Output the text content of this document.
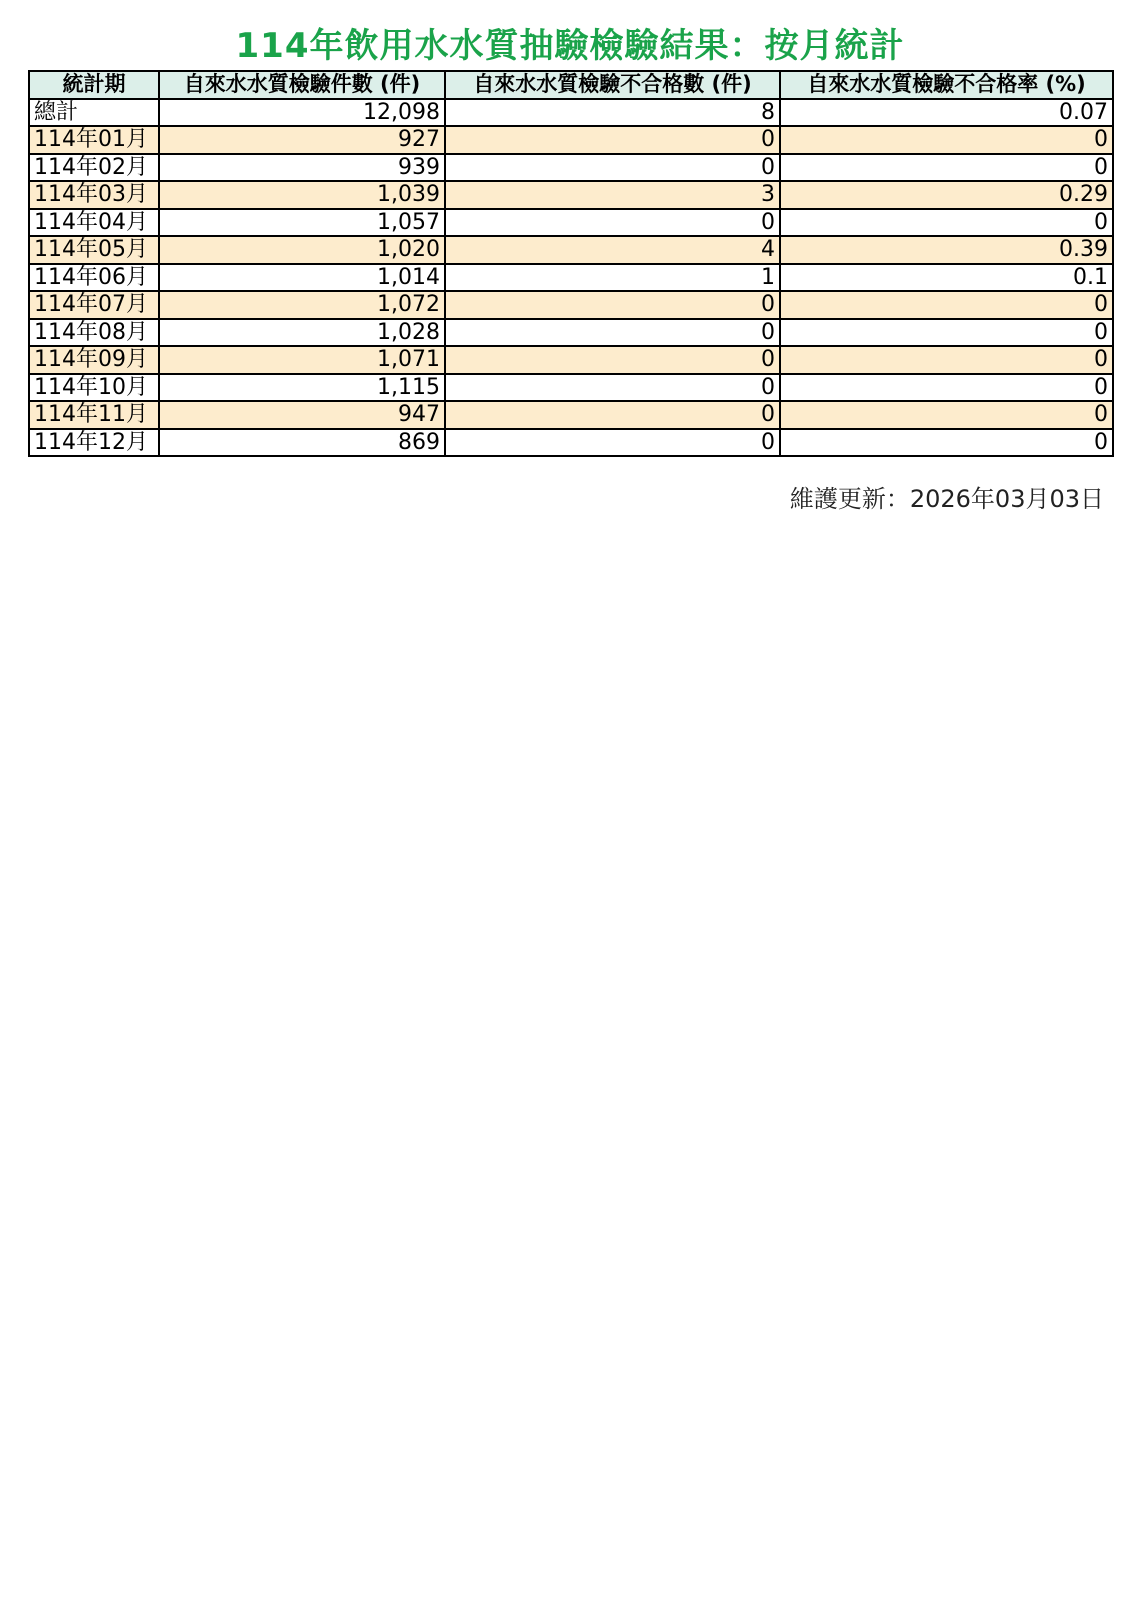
114年飲用水水質抽驗檢驗結果：按月統計
統計期	自來水水質檢驗件數 (件)	自來水水質檢驗不合格數 (件)	自來水水質檢驗不合格率 (%)
總計	12,098	8	0.07
114年01月	927	0	0
114年02月	939	0	0
114年03月	1,039	3	0.29
114年04月	1,057	0	0
114年05月	1,020	4	0.39
114年06月	1,014	1	0.1
114年07月	1,072	0	0
114年08月	1,028	0	0
114年09月	1,071	0	0
114年10月	1,115	0	0
114年11月	947	0	0
114年12月	869	0	0
維護更新：2026年03月03日
